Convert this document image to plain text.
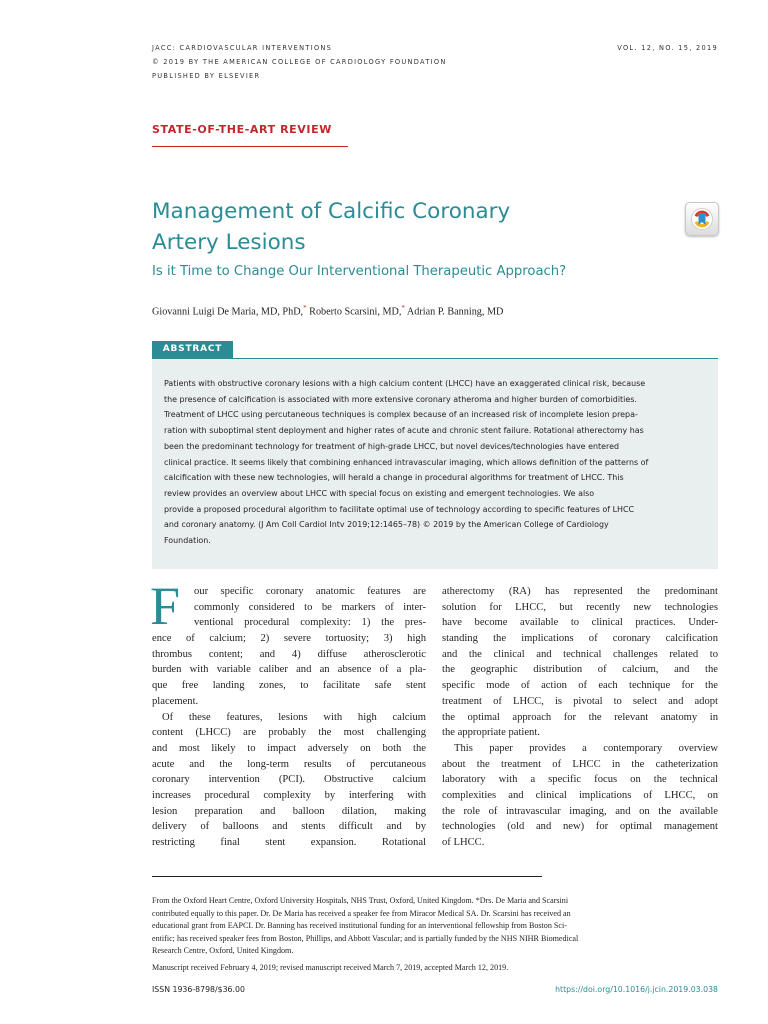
JACC: CARDIOVASCULAR INTERVENTIONS
© 2019 BY THE AMERICAN COLLEGE OF CARDIOLOGY FOUNDATION
PUBLISHED BY ELSEVIER
VOL. 12, NO. 15, 2019
STATE-OF-THE-ART REVIEW
Management of Calcific Coronary
Artery Lesions
Is it Time to Change Our Interventional Therapeutic Approach?
Giovanni Luigi De Maria, MD, PhD,* Roberto Scarsini, MD,* Adrian P. Banning, MD
ABSTRACT
Patients with obstructive coronary lesions with a high calcium content (LHCC) have an exaggerated clinical risk, because
the presence of calcification is associated with more extensive coronary atheroma and higher burden of comorbidities.
Treatment of LHCC using percutaneous techniques is complex because of an increased risk of incomplete lesion prepa-
ration with suboptimal stent deployment and higher rates of acute and chronic stent failure. Rotational atherectomy has
been the predominant technology for treatment of high-grade LHCC, but novel devices/technologies have entered
clinical practice. It seems likely that combining enhanced intravascular imaging, which allows definition of the patterns of
calcification with these new technologies, will herald a change in procedural algorithms for treatment of LHCC. This
review provides an overview about LHCC with special focus on existing and emergent technologies. We also
provide a proposed procedural algorithm to facilitate optimal use of technology according to specific features of LHCC
and coronary anatomy. (J Am Coll Cardiol Intv 2019;12:1465–78) © 2019 by the American College of Cardiology
Foundation.
F	our specific coronary anatomic features are
commonly considered to be markers of inter-
ventional procedural complexity: 1) the pres-
ence of calcium; 2) severe tortuosity; 3) high
thrombus content; and 4) diffuse atherosclerotic
burden with variable caliber and an absence of a pla-
que free landing zones, to facilitate safe stent
placement.
Of these features, lesions with high calcium
content (LHCC) are probably the most challenging
and most likely to impact adversely on both the
acute and the long-term results of percutaneous
coronary intervention (PCI). Obstructive calcium
increases procedural complexity by interfering with
lesion preparation and balloon dilation, making
delivery of balloons and stents difficult and by
restricting final stent expansion. Rotational
atherectomy (RA) has represented the predominant
solution for LHCC, but recently new technologies
have become available to clinical practices. Under-
standing the implications of coronary calcification
and the clinical and technical challenges related to
the geographic distribution of calcium, and the
specific mode of action of each technique for the
treatment of LHCC, is pivotal to select and adopt
the optimal approach for the relevant anatomy in
the appropriate patient.
This paper provides a contemporary overview
about the treatment of LHCC in the catheterization
laboratory with a specific focus on the technical
complexities and clinical implications of LHCC, on
the role of intravascular imaging, and on the available
technologies (old and new) for optimal management
of LHCC.
From the Oxford Heart Centre, Oxford University Hospitals, NHS Trust, Oxford, United Kingdom. *Drs. De Maria and Scarsini
contributed equally to this paper. Dr. De Maria has received a speaker fee from Miracor Medical SA. Dr. Scarsini has received an
educational grant from EAPCI. Dr. Banning has received institutional funding for an interventional fellowship from Boston Sci-
entific; has received speaker fees from Boston, Phillips, and Abbott Vascular; and is partially funded by the NHS NIHR Biomedical
Research Centre, Oxford, United Kingdom.
Manuscript received February 4, 2019; revised manuscript received March 7, 2019, accepted March 12, 2019.
ISSN 1936-8798/$36.00	https://doi.org/10.1016/j.jcin.2019.03.038
